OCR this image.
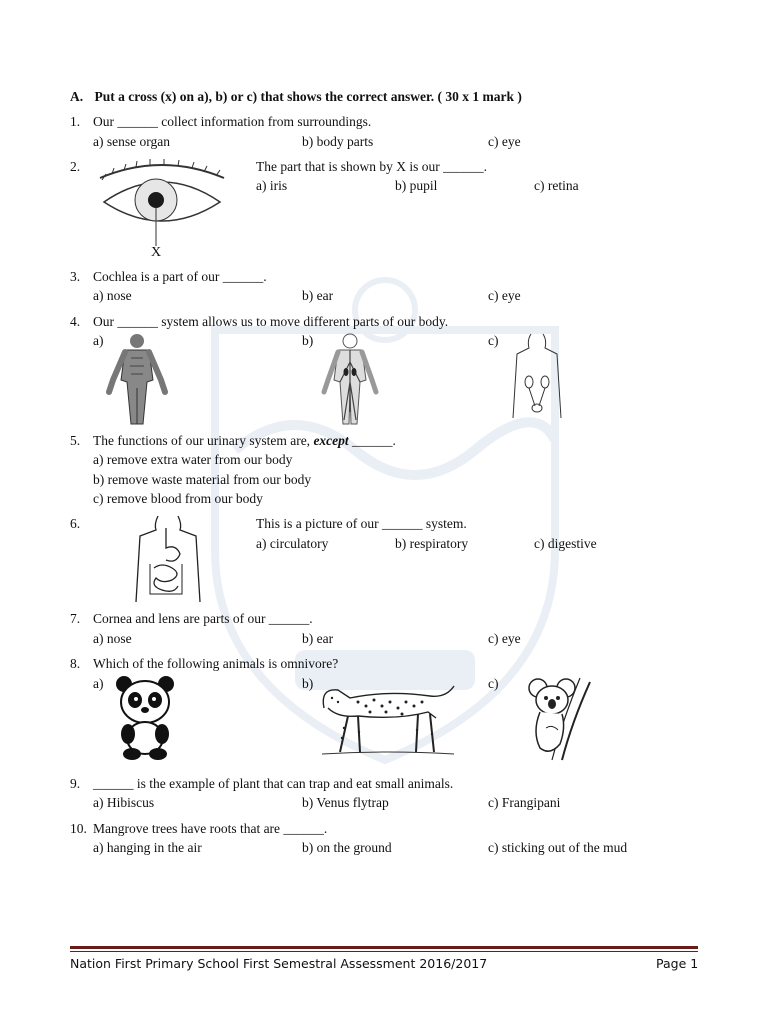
A. Put a cross (x) on a), b) or c) that shows the correct answer. ( 30 x 1 mark )
1. Our ______ collect information from surroundings.
a) sense organ	b) body parts	c) eye
2.
X
The part that is shown by X is our ______.
a) iris	b) pupil	c) retina
3. Cochlea is a part of our ______.
a) nose	b) ear	c) eye
4. Our ______ system allows us to move different parts of our body.
a)	b)	c)
5. The functions of our urinary system are, except ______.
a) remove extra water from our body
b) remove waste material from our body
c) remove blood from our body
6.	This is a picture of our ______ system.
a) circulatory	b) respiratory	c) digestive
7. Cornea and lens are parts of our ______.
a) nose	b) ear	c) eye
8. Which of the following animals is omnivore?
a)	b)	c)
9. ______ is the example of plant that can trap and eat small animals.
a) Hibiscus	b) Venus flytrap	c) Frangipani
10. Mangrove trees have roots that are ______.
a) hanging in the air	b) on the ground	c) sticking out of the mud
Nation First Primary School First Semestral Assessment 2016/2017	Page 1
